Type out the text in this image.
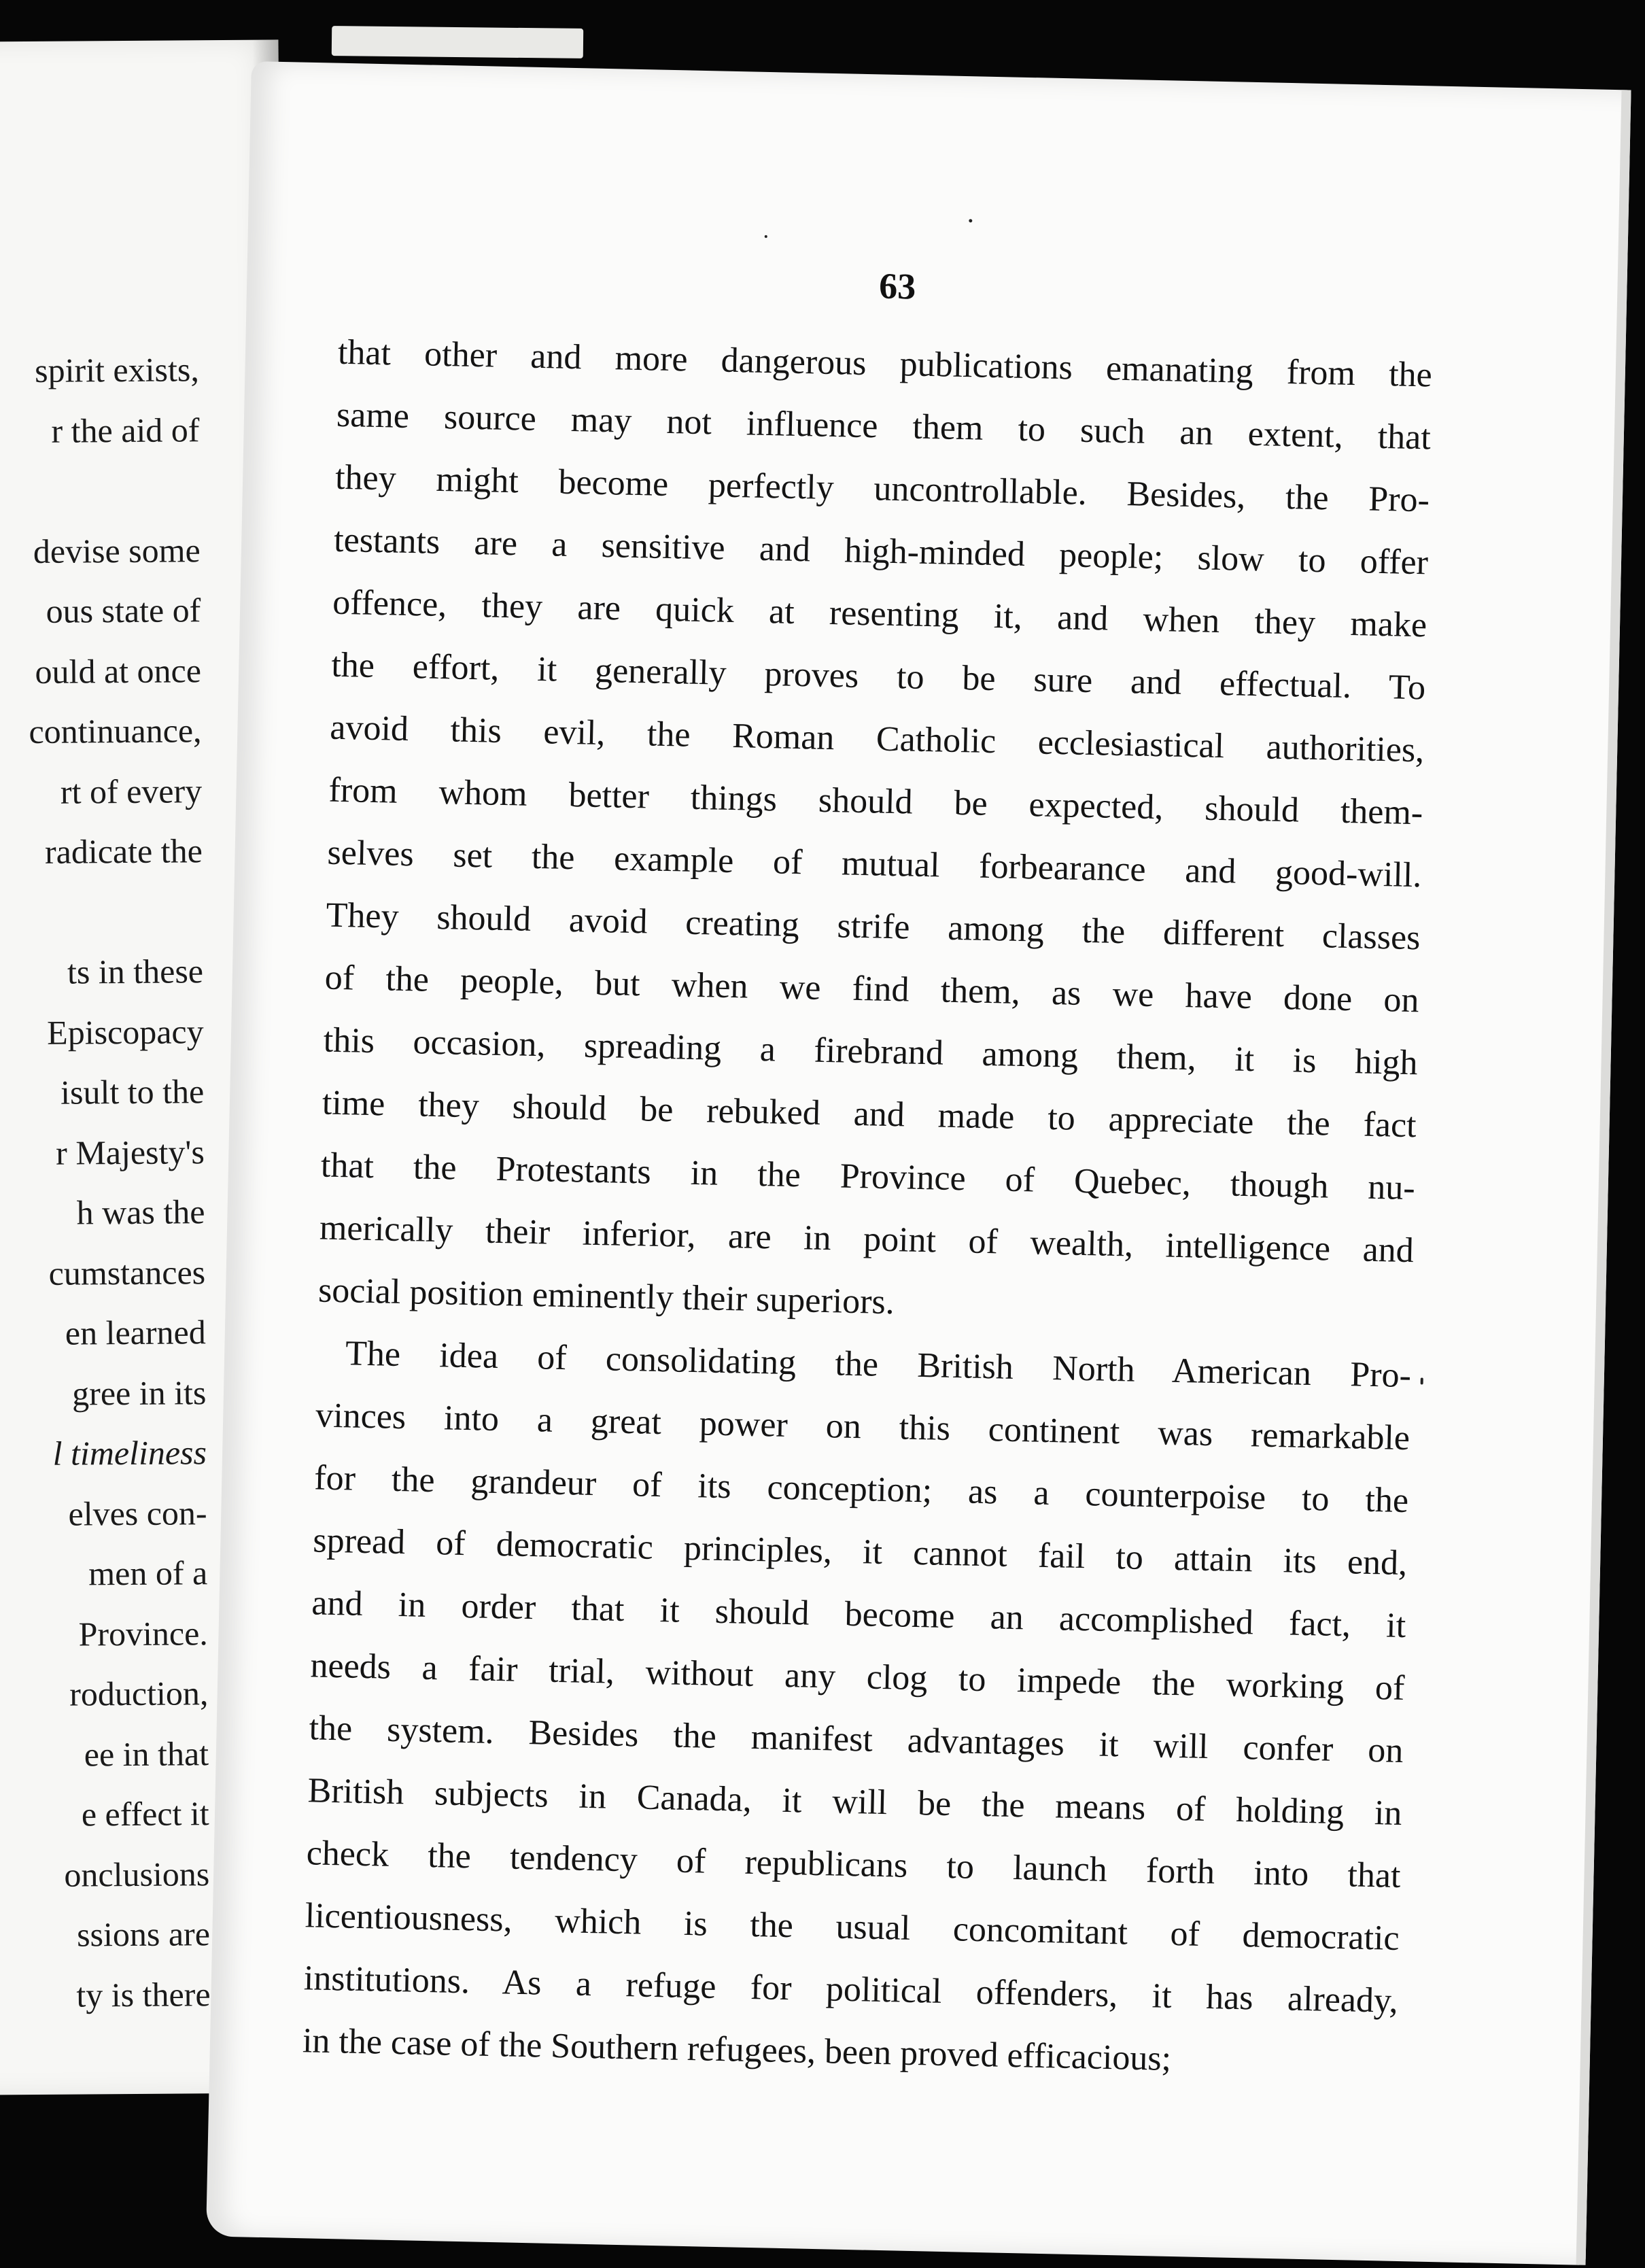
spirit exists,
r the aid of
devise some
ous state of
ould at once
continuance,
rt of every
radicate the
ts in these
Episcopacy
isult to the
r Majesty's
h was the
cumstances
en learned
gree in its
l timeliness
elves con-
men of a
Province.
roduction,
ee in that
e effect it
onclusions
ssions are
ty is there
63
that other and more dangerous publications emanating from the
same source may not influence them to such an extent, that
they might become perfectly uncontrollable. Besides, the Pro-
testants are a sensitive and high-minded people; slow to offer
offence, they are quick at resenting it, and when they make
the effort, it generally proves to be sure and effectual. To
avoid this evil, the Roman Catholic ecclesiastical authorities,
from whom better things should be expected, should them-
selves set the example of mutual forbearance and good-will.
They should avoid creating strife among the different classes
of the people, but when we find them, as we have done on
this occasion, spreading a firebrand among them, it is high
time they should be rebuked and made to appreciate the fact
that the Protestants in the Province of Quebec, though nu-
merically their inferior, are in point of wealth, intelligence and
social position eminently their superiors.
The idea of consolidating the British North American Pro-
vinces into a great power on this continent was remarkable
for the grandeur of its conception; as a counterpoise to the
spread of democratic principles, it cannot fail to attain its end,
and in order that it should become an accomplished fact, it
needs a fair trial, without any clog to impede the working of
the system. Besides the manifest advantages it will confer on
British subjects in Canada, it will be the means of holding in
check the tendency of republicans to launch forth into that
licentiousness, which is the usual concomitant of democratic
institutions. As a refuge for political offenders, it has already,
in the case of the Southern refugees, been proved efficacious;
